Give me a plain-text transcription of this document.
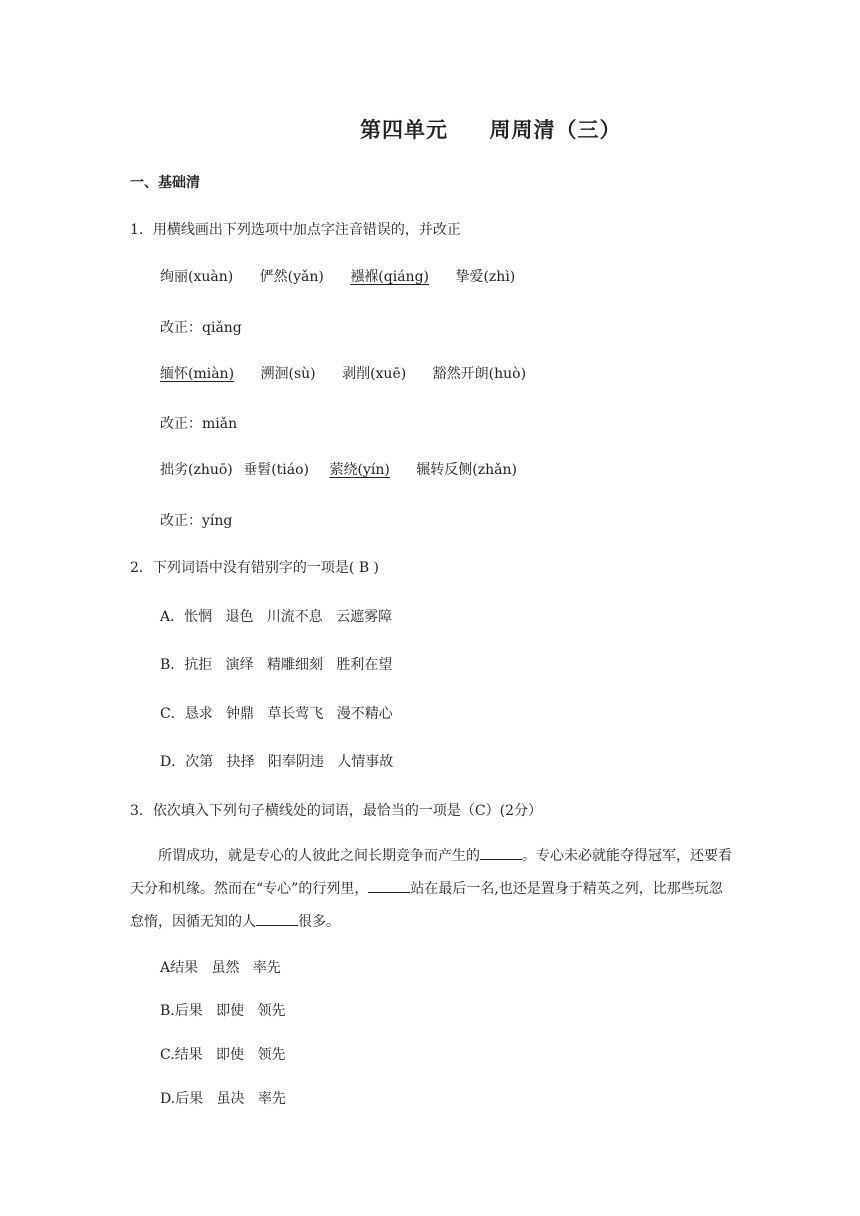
第四单元     周周清（三）
一、基础清
1．用横线画出下列选项中加点字注音错误的，并改正
绚丽(xuàn) 俨然(yǎn) 襁褓(qiáng) 挚爱(zhì)
改正：qiǎng
缅怀(miàn) 溯洄(sù) 剥削(xuē) 豁然开朗(huò)
改正：miǎn
拙劣(zhuō) 垂髫(tiáo) 萦绕(yín) 辗转反侧(zhǎn)
改正：yíng
2．下列词语中没有错别字的一项是( B )
A．怅惘   退色   川流不息   云遮雾障
B．抗拒   演绎   精雕细刻   胜利在望
C．恳求   钟鼎   草长莺飞   漫不精心
D．次第   抉择   阳奉阴违   人情事故
3．依次填入下列句子横线处的词语，最恰当的一项是（C）(2分）
所谓成功，就是专心的人彼此之间长期竞争而产生的	。专心未必就能夺得冠军，还要看天分和机缘。然而在“专心”的行列里，	站在最后一名,也还是置身于精英之列，比那些玩忽怠惰，因循无知的人	很多。
A结果   虽然   率先
B.后果   即使   领先
C.结果   即使   领先
D.后果   虽决   率先
